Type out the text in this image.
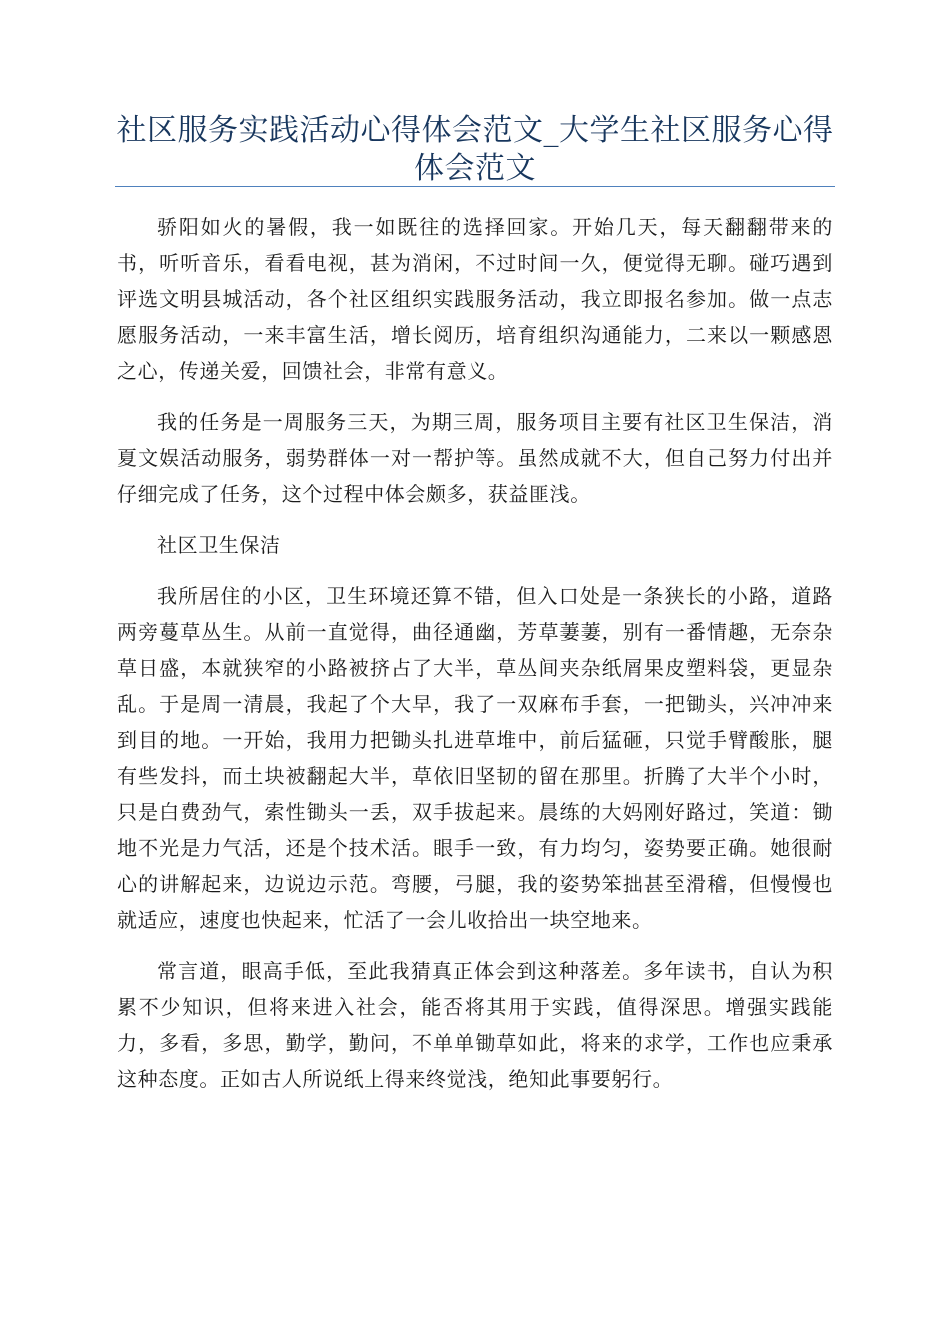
社区服务实践活动心得体会范文_大学生社区服务心得体会范文

骄阳如火的暑假，我一如既往的选择回家。开始几天，每天翻翻带来的书，听听音乐，看看电视，甚为消闲，不过时间一久，便觉得无聊。碰巧遇到评选文明县城活动，各个社区组织实践服务活动，我立即报名参加。做一点志愿服务活动，一来丰富生活，增长阅历，培育组织沟通能力，二来以一颗感恩之心，传递关爱，回馈社会，非常有意义。

我的任务是一周服务三天，为期三周，服务项目主要有社区卫生保洁，消夏文娱活动服务，弱势群体一对一帮护等。虽然成就不大，但自己努力付出并仔细完成了任务，这个过程中体会颇多，获益匪浅。

社区卫生保洁

我所居住的小区，卫生环境还算不错，但入口处是一条狭长的小路，道路两旁蔓草丛生。从前一直觉得，曲径通幽，芳草萋萋，别有一番情趣，无奈杂草日盛，本就狭窄的小路被挤占了大半，草丛间夹杂纸屑果皮塑料袋，更显杂乱。于是周一清晨，我起了个大早，我了一双麻布手套，一把锄头，兴冲冲来到目的地。一开始，我用力把锄头扎进草堆中，前后猛砸，只觉手臂酸胀，腿有些发抖，而土块被翻起大半，草依旧坚韧的留在那里。折腾了大半个小时，只是白费劲气，索性锄头一丢，双手拔起来。晨练的大妈刚好路过，笑道：锄地不光是力气活，还是个技术活。眼手一致，有力均匀，姿势要正确。她很耐心的讲解起来，边说边示范。弯腰，弓腿，我的姿势笨拙甚至滑稽，但慢慢也就适应，速度也快起来，忙活了一会儿收拾出一块空地来。

常言道，眼高手低，至此我猜真正体会到这种落差。多年读书，自认为积累不少知识，但将来进入社会，能否将其用于实践，值得深思。增强实践能力，多看，多思，勤学，勤问，不单单锄草如此，将来的求学，工作也应秉承这种态度。正如古人所说纸上得来终觉浅，绝知此事要躬行。
